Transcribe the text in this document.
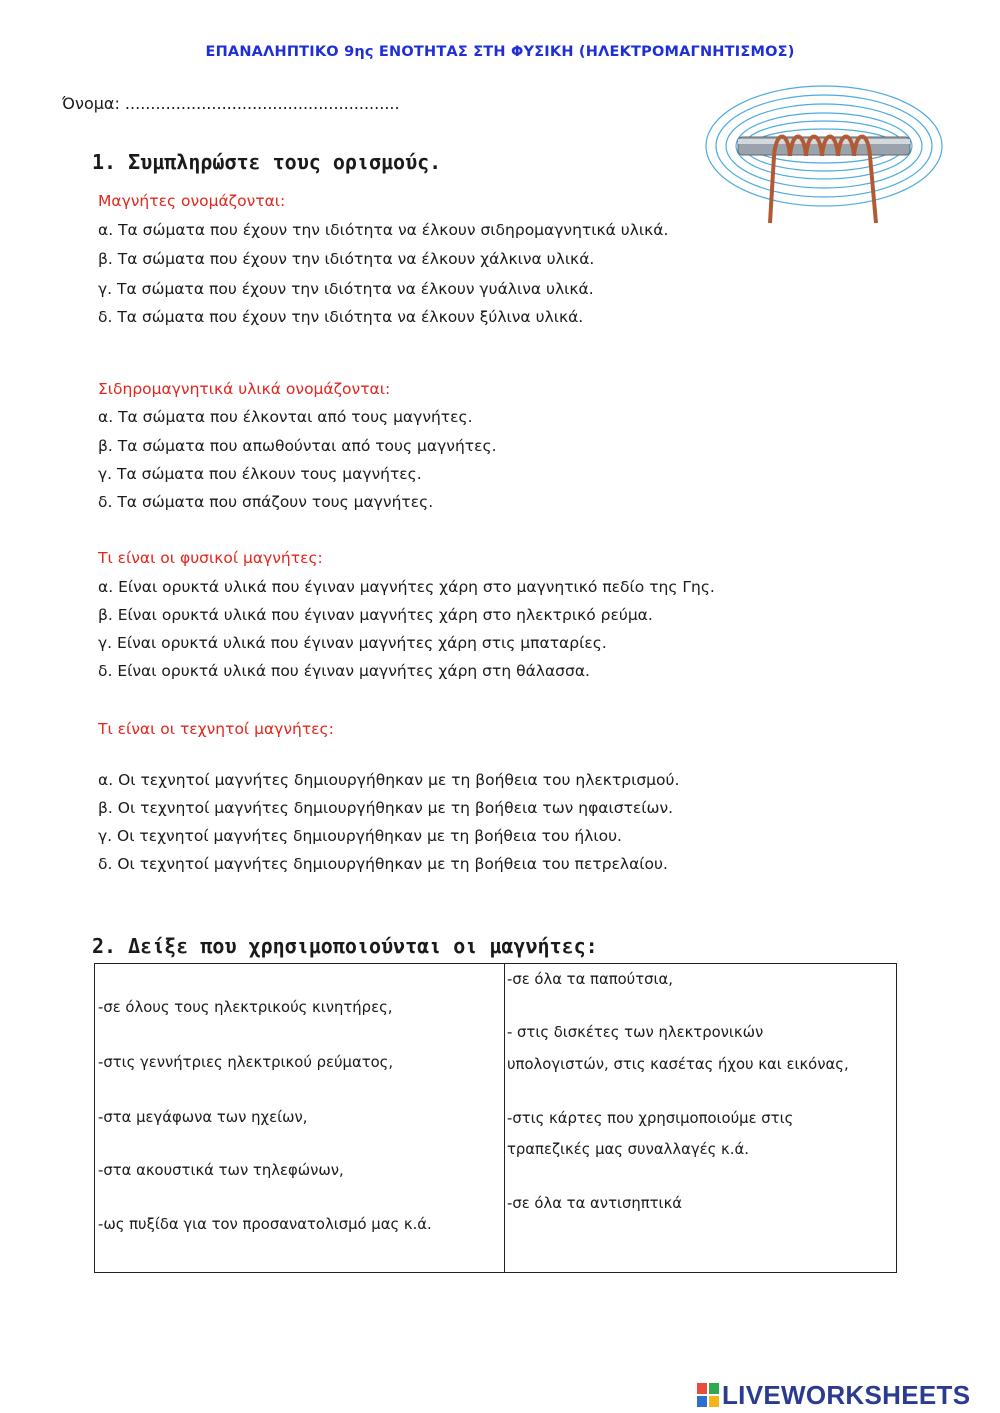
ΕΠΑΝΑΛΗΠΤΙΚΟ 9ης ΕΝΟΤΗΤΑΣ ΣΤΗ ΦΥΣΙΚΗ (ΗΛΕΚΤΡΟΜΑΓΝΗΤΙΣΜΟΣ)
Όνομα: ......................................................
1. Συμπληρώστε τους ορισμούς.
Μαγνήτες ονομάζονται:
α. Τα σώματα που έχουν την ιδιότητα να έλκουν σιδηρομαγνητικά υλικά.
β. Τα σώματα που έχουν την ιδιότητα να έλκουν χάλκινα υλικά.
γ. Τα σώματα που έχουν την ιδιότητα να έλκουν γυάλινα υλικά.
δ. Τα σώματα που έχουν την ιδιότητα να έλκουν ξύλινα υλικά.
Σιδηρομαγνητικά υλικά ονομάζονται:
α. Τα σώματα που έλκονται από τους μαγνήτες.
β. Τα σώματα που απωθούνται από τους μαγνήτες.
γ. Τα σώματα που έλκουν τους μαγνήτες.
δ. Τα σώματα που σπάζουν τους μαγνήτες.
Τι είναι οι φυσικοί μαγνήτες:
α. Είναι ορυκτά υλικά που έγιναν μαγνήτες χάρη στο μαγνητικό πεδίο της Γης.
β. Είναι ορυκτά υλικά που έγιναν μαγνήτες χάρη στο ηλεκτρικό ρεύμα.
γ. Είναι ορυκτά υλικά που έγιναν μαγνήτες χάρη στις μπαταρίες.
δ. Είναι ορυκτά υλικά που έγιναν μαγνήτες χάρη στη θάλασσα.
Τι είναι οι τεχνητοί μαγνήτες:
α. Οι τεχνητοί μαγνήτες δημιουργήθηκαν με τη βοήθεια του ηλεκτρισμού.
β. Οι τεχνητοί μαγνήτες δημιουργήθηκαν με τη βοήθεια των ηφαιστείων.
γ. Οι τεχνητοί μαγνήτες δημιουργήθηκαν με τη βοήθεια του ήλιου.
δ. Οι τεχνητοί μαγνήτες δημιουργήθηκαν με τη βοήθεια του πετρελαίου.
2. Δείξε που χρησιμοποιούνται οι μαγνήτες:
-σε όλους τους ηλεκτρικούς κινητήρες,
-στις γεννήτριες ηλεκτρικού ρεύματος,
-στα μεγάφωνα των ηχείων,
-στα ακουστικά των τηλεφώνων,
-ως πυξίδα για τον προσανατολισμό μας κ.ά.
-σε όλα τα παπούτσια,
- στις δισκέτες των ηλεκτρονικών
υπολογιστών, στις κασέτας ήχου και εικόνας,
-στις κάρτες που χρησιμοποιούμε στις
τραπεζικές μας συναλλαγές κ.ά.
-σε όλα τα αντισηπτικά
LIVEWORKSHEETS
